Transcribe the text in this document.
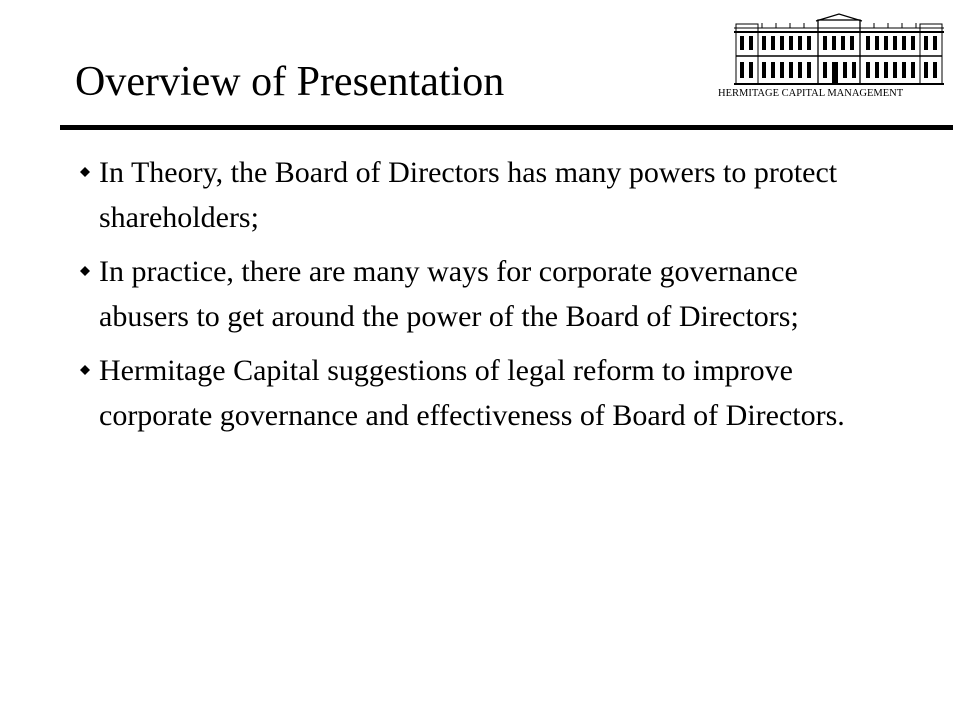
Overview of Presentation	HERMITAGE CAPITAL MANAGEMENT
In Theory, the Board of Directors has many powers to protect shareholders;
In practice, there are many ways for corporate governance abusers to get around the power of the Board of Directors;
Hermitage Capital suggestions of legal reform to improve corporate governance and effectiveness of Board of Directors.
